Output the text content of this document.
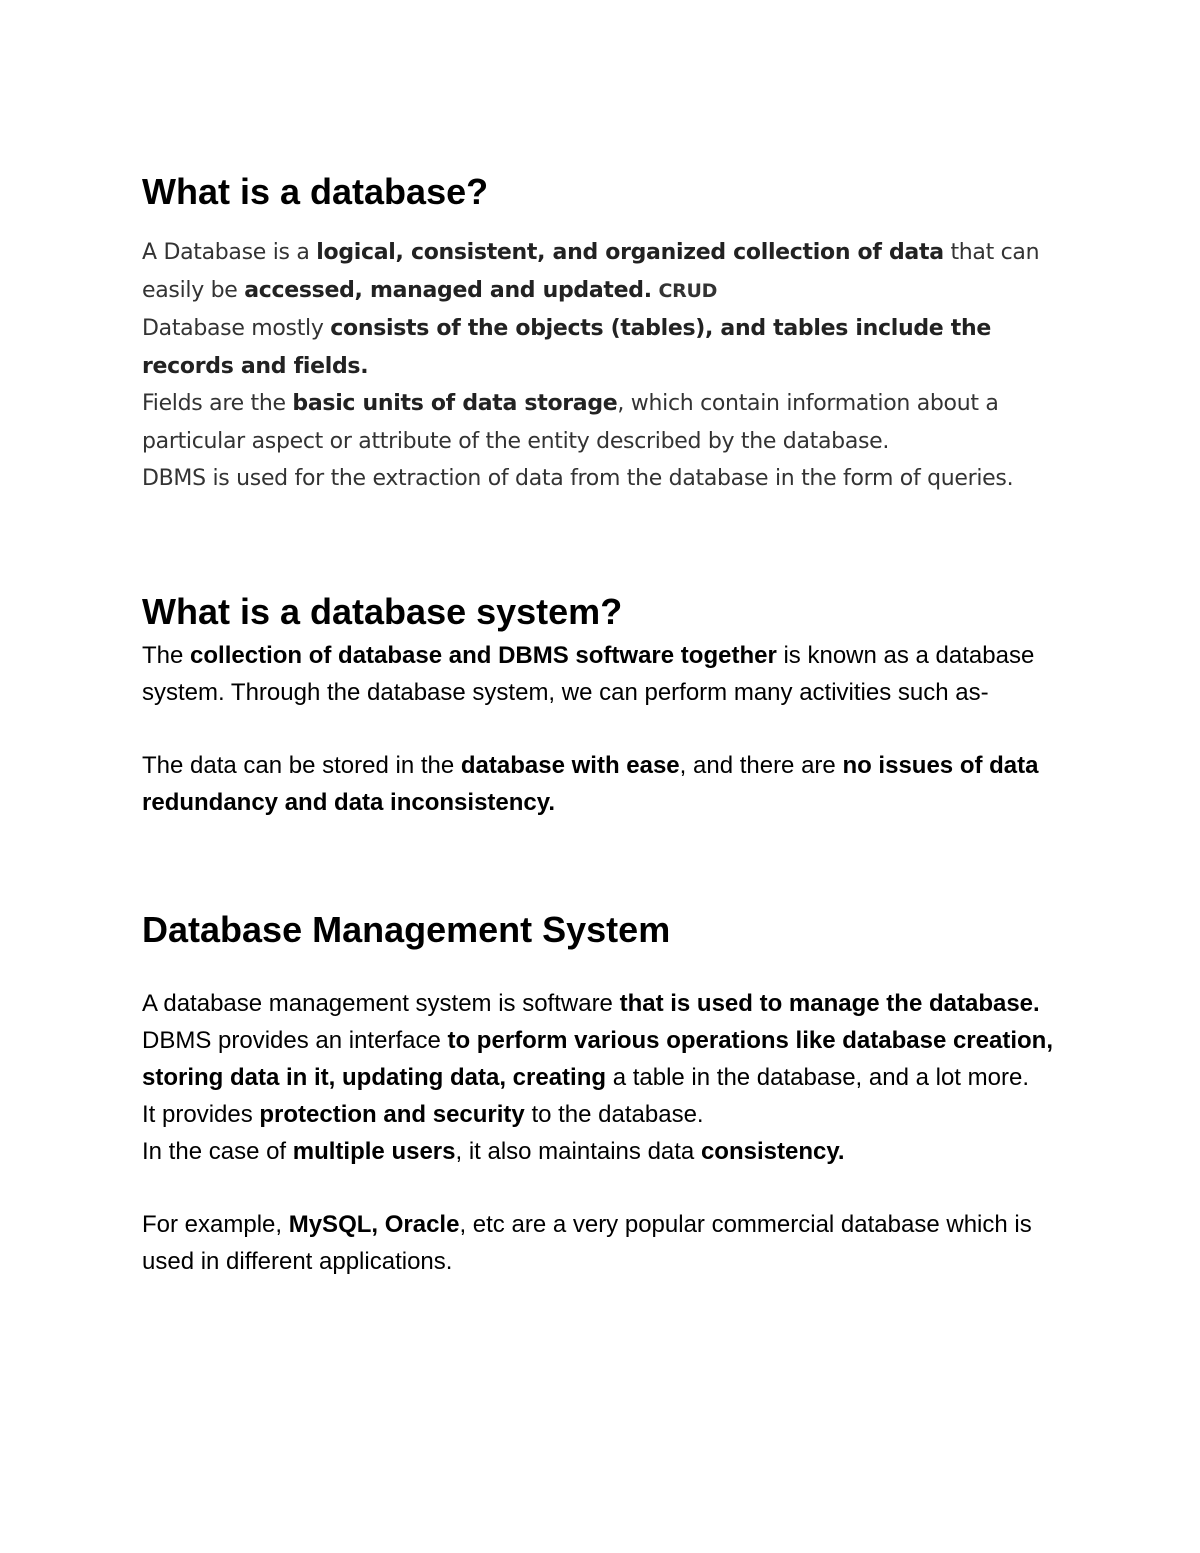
What is a database?

A Database is a logical, consistent, and organized collection of data that can easily be accessed, managed and updated. CRUD

Database mostly consists of the objects (tables), and tables include the records and fields.

Fields are the basic units of data storage, which contain information about a particular aspect or attribute of the entity described by the database.

DBMS is used for the extraction of data from the database in the form of queries.

What is a database system?

The collection of database and DBMS software together is known as a database system. Through the database system, we can perform many activities such as-

The data can be stored in the database with ease, and there are no issues of data redundancy and data inconsistency.

Database Management System

A database management system is software that is used to manage the database.

DBMS provides an interface to perform various operations like database creation, storing data in it, updating data, creating a table in the database, and a lot more.

It provides protection and security to the database.

In the case of multiple users, it also maintains data consistency.

For example, MySQL, Oracle, etc are a very popular commercial database which is used in different applications.
